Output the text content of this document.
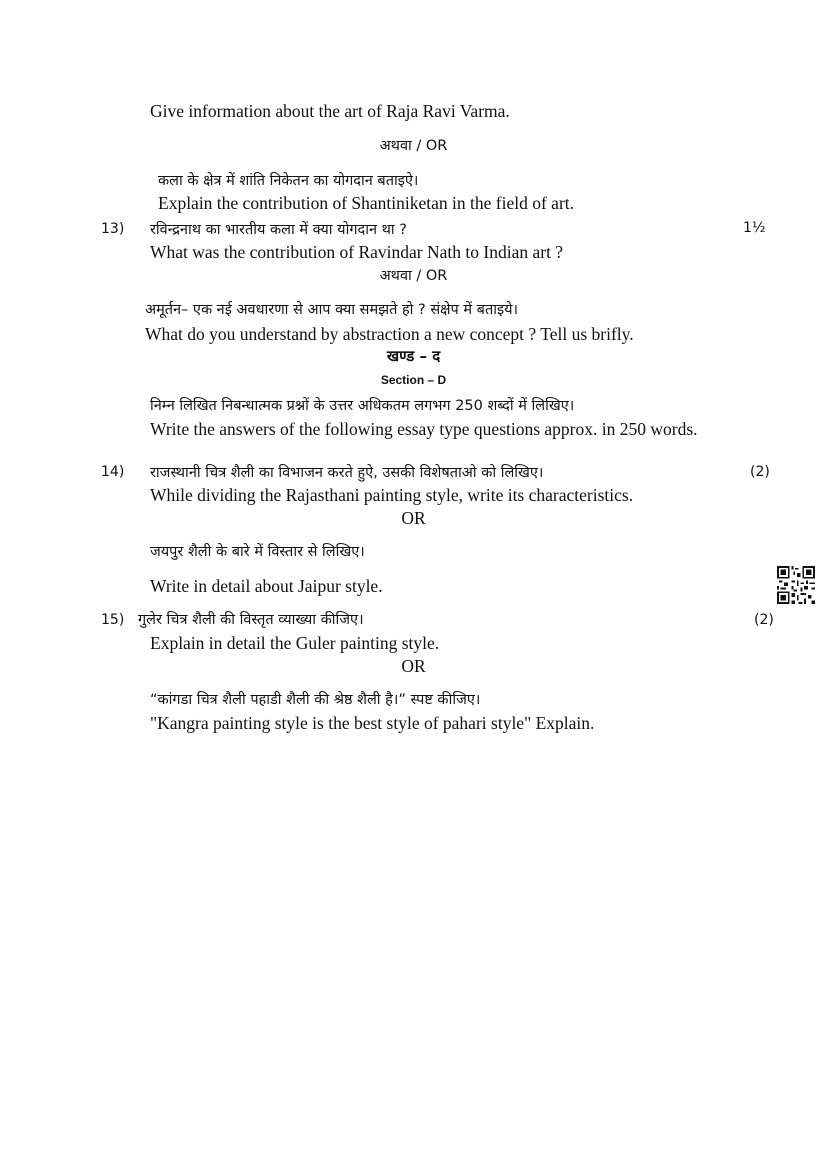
Give information about the art of Raja Ravi Varma.
अथवा / OR
कला के क्षेत्र में शांति निकेतन का योगदान बताइऐ।
Explain the contribution of Shantiniketan in the field of art.
13) रविन्द्रनाथ का भारतीय कला में क्या योगदान था ?	1½
What was the contribution of Ravindar Nath to Indian art ?
अथवा / OR
अमूर्तन– एक नई अवधारणा से आप क्या समझते हो ? संक्षेप में बताइये।
What do you understand by abstraction a new concept ? Tell us brifly.
खण्ड – द
Section – D
निम्न लिखित निबन्धात्मक प्रश्नों के उत्तर अधिकतम लगभग 250 शब्दों में लिखिए।
Write the answers of the following essay type questions approx. in 250 words.
14) राजस्थानी चित्र शैली का विभाजन करते हुऐ, उसकी विशेषताओ को लिखिए।	(2)
While dividing the Rajasthani painting style, write its characteristics.
OR
जयपुर शैली के बारे में विस्तार से लिखिए।
Write in detail about Jaipur style.
15) गुलेर चित्र शैली की विस्तृत व्याख्या कीजिए।	(2)
Explain in detail the Guler painting style.
OR
“कांगडा चित्र शैली पहाडी शैली की श्रेष्ठ शैली है।” स्पष्ट कीजिए।
"Kangra painting style is the best style of pahari style" Explain.
